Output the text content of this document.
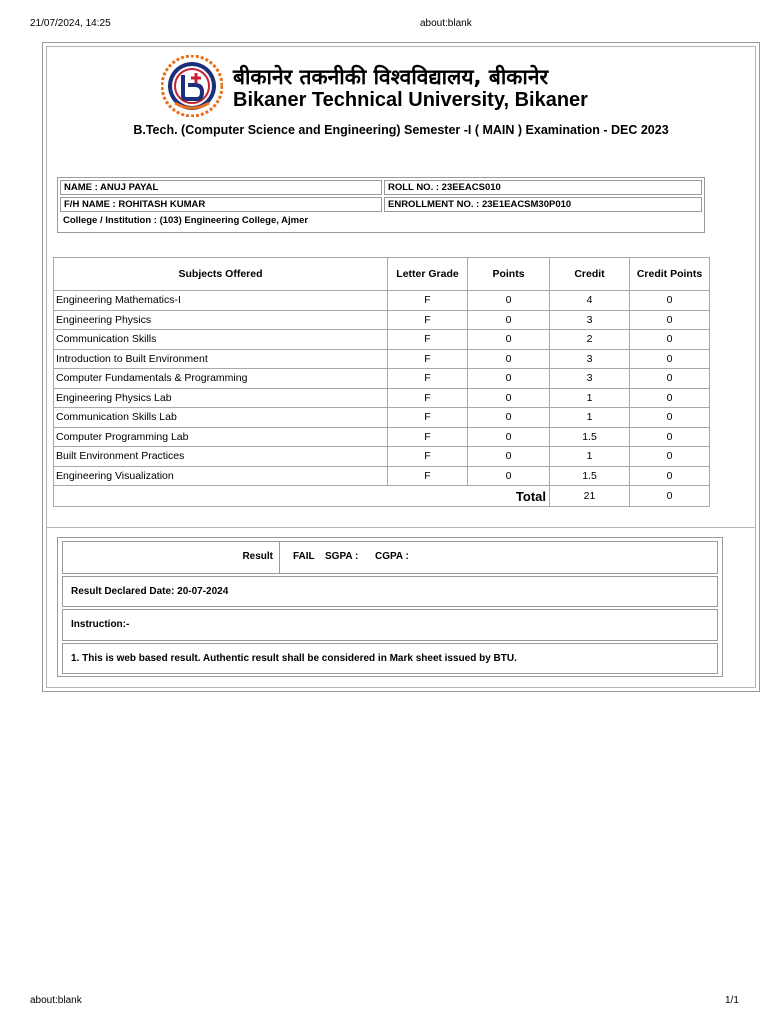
21/07/2024, 14:25	about:blank
बीकानेर तकनीकी विश्वविद्यालय, बीकानेर
Bikaner Technical University, Bikaner
B.Tech. (Computer Science and Engineering) Semester -I ( MAIN ) Examination - DEC 2023
NAME : ANUJ PAYAL	ROLL NO. : 23EEACS010
F/H NAME : ROHITASH KUMAR	ENROLLMENT NO. : 23E1EACSM30P010
College / Institution : (103) Engineering College, Ajmer
Subjects Offered	Letter Grade	Points	Credit	Credit Points
Engineering Mathematics-I	F	0	4	0
Engineering Physics	F	0	3	0
Communication Skills	F	0	2	0
Introduction to Built Environment	F	0	3	0
Computer Fundamentals & Programming	F	0	3	0
Engineering Physics Lab	F	0	1	0
Communication Skills Lab	F	0	1	0
Computer Programming Lab	F	0	1.5	0
Built Environment Practices	F	0	1	0
Engineering Visualization	F	0	1.5	0
Total			21	0
Result FAIL SGPA : CGPA :
Result Declared Date: 20-07-2024
Instruction:-
1. This is web based result. Authentic result shall be considered in Mark sheet issued by BTU.
about:blank	1/1
